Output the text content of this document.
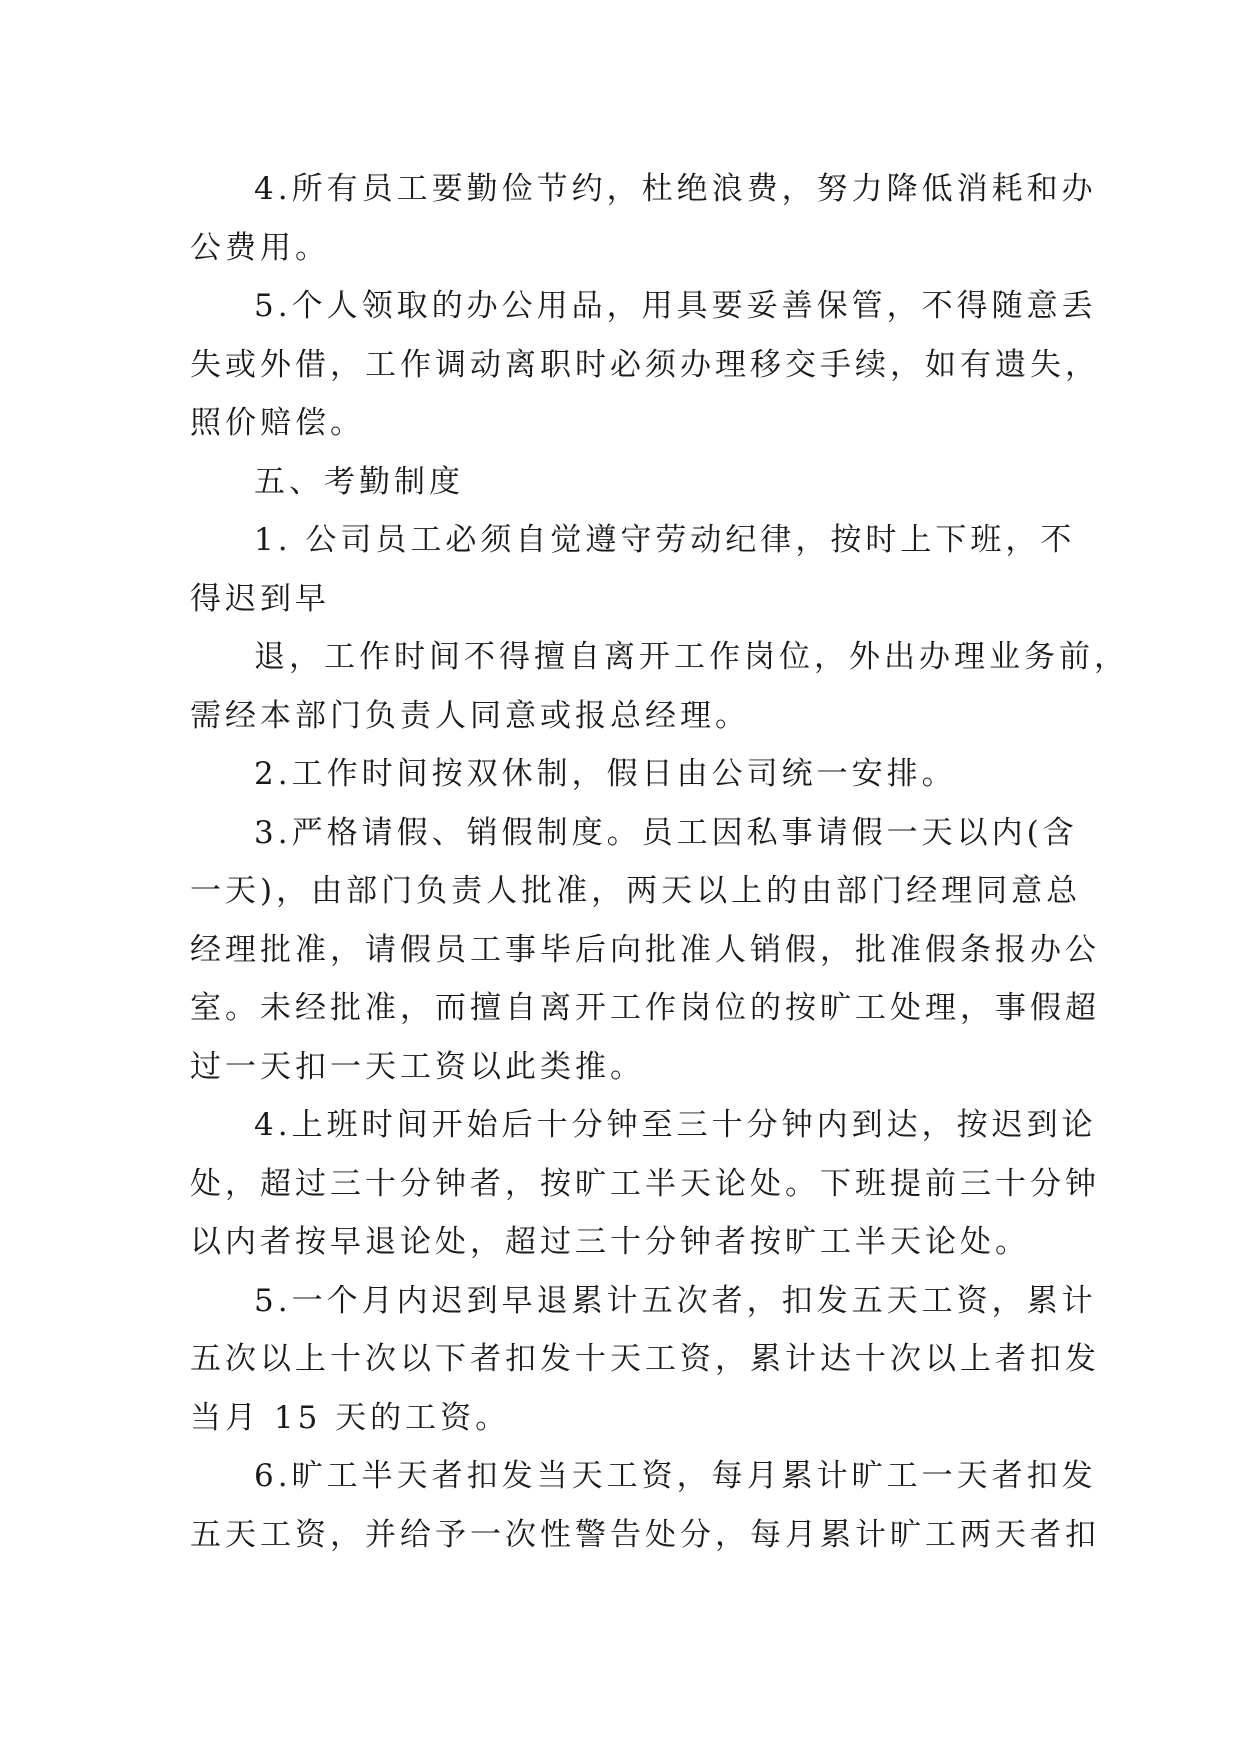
4.所有员工要勤俭节约，杜绝浪费，努力降低消耗和办
公费用。
5.个人领取的办公用品，用具要妥善保管，不得随意丢
失或外借，工作调动离职时必须办理移交手续，如有遗失，
照价赔偿。
五、考勤制度
1. 公司员工必须自觉遵守劳动纪律，按时上下班，不
得迟到早
退，工作时间不得擅自离开工作岗位，外出办理业务前，
需经本部门负责人同意或报总经理。
2.工作时间按双休制，假日由公司统一安排。
3.严格请假、销假制度。员工因私事请假一天以内(含
一天)，由部门负责人批准，两天以上的由部门经理同意总
经理批准，请假员工事毕后向批准人销假，批准假条报办公
室。未经批准，而擅自离开工作岗位的按旷工处理，事假超
过一天扣一天工资以此类推。
4.上班时间开始后十分钟至三十分钟内到达，按迟到论
处，超过三十分钟者，按旷工半天论处。下班提前三十分钟
以内者按早退论处，超过三十分钟者按旷工半天论处。
5.一个月内迟到早退累计五次者，扣发五天工资，累计
五次以上十次以下者扣发十天工资，累计达十次以上者扣发
当月 15 天的工资。
6.旷工半天者扣发当天工资，每月累计旷工一天者扣发
五天工资，并给予一次性警告处分，每月累计旷工两天者扣
